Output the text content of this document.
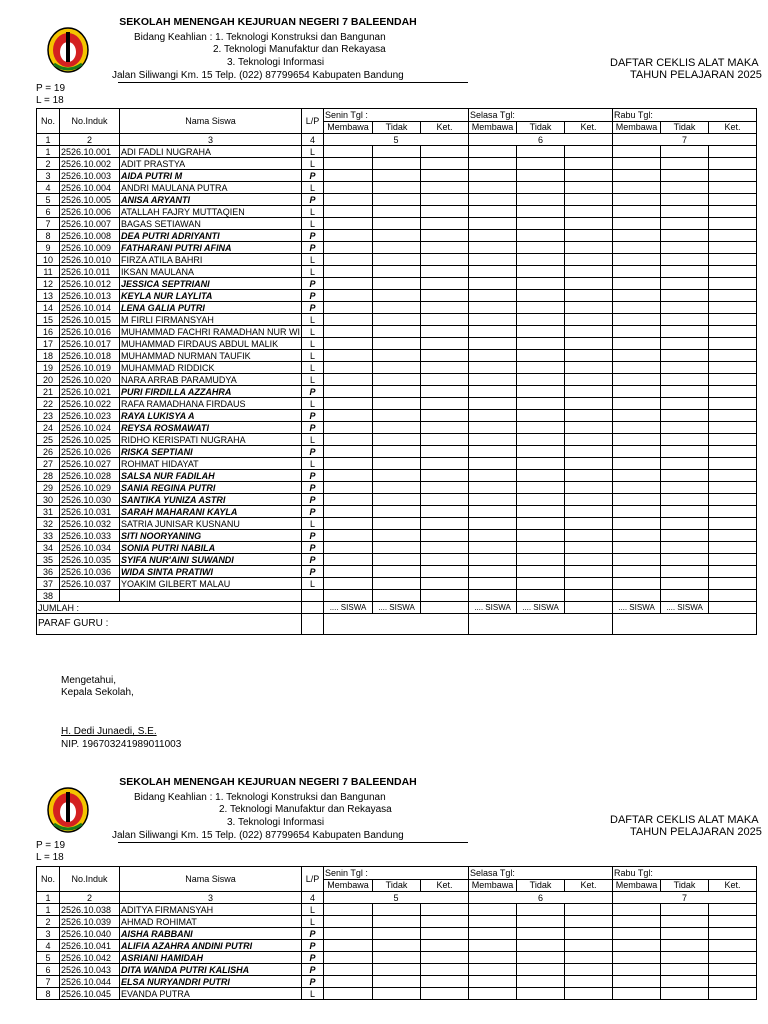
SEKOLAH MENENGAH KEJURUAN NEGERI 7 BALEENDAH
Bidang Keahlian : 1. Teknologi Konstruksi dan Bangunan
2. Teknologi Manufaktur dan Rekayasa
3. Teknologi Informasi
Jalan Siliwangi Km. 15 Telp. (022) 87799654 Kabupaten Bandung
DAFTAR CEKLIS ALAT MAKA
TAHUN PELAJARAN 2025
P = 19
L = 18
No.	No.Induk	Nama Siswa	L/P	Senin Tgl :			Selasa Tgl:			Rabu Tgl:		
				Membawa	Tidak	Ket.	Membawa	Tidak	Ket.	Membawa	Tidak	Ket.
1	2	3	4	5			6			7		
1	2526.10.001	ADI FADLI NUGRAHA	L									
2	2526.10.002	ADIT PRASTYA	L									
3	2526.10.003	AIDA PUTRI M	P									
4	2526.10.004	ANDRI MAULANA PUTRA	L									
5	2526.10.005	ANISA ARYANTI	P									
6	2526.10.006	ATALLAH FAJRY MUTTAQIEN	L									
7	2526.10.007	BAGAS SETIAWAN	L									
8	2526.10.008	DEA PUTRI ADRIYANTI	P									
9	2526.10.009	FATHARANI PUTRI AFINA	P									
10	2526.10.010	FIRZA ATILA BAHRI	L									
11	2526.10.011	IKSAN MAULANA	L									
12	2526.10.012	JESSICA SEPTRIANI	P									
13	2526.10.013	KEYLA NUR LAYLITA	P									
14	2526.10.014	LENA GALIA PUTRI	P									
15	2526.10.015	M FIRLI FIRMANSYAH	L									
16	2526.10.016	MUHAMMAD FACHRI RAMADHAN NUR WI	L									
17	2526.10.017	MUHAMMAD FIRDAUS ABDUL MALIK	L									
18	2526.10.018	MUHAMMAD NURMAN TAUFIK	L									
19	2526.10.019	MUHAMMAD RIDDICK	L									
20	2526.10.020	NARA ARRAB PARAMUDYA	L									
21	2526.10.021	PURI FIRDILLA AZZAHRA	P									
22	2526.10.022	RAFA RAMADHANA FIRDAUS	L									
23	2526.10.023	RAYA LUKISYA A	P									
24	2526.10.024	REYSA ROSMAWATI	P									
25	2526.10.025	RIDHO KERISPATI NUGRAHA	L									
26	2526.10.026	RISKA SEPTIANI	P									
27	2526.10.027	ROHMAT HIDAYAT	L									
28	2526.10.028	SALSA NUR FADILAH	P									
29	2526.10.029	SANIA REGINA PUTRI	P									
30	2526.10.030	SANTIKA YUNIZA ASTRI	P									
31	2526.10.031	SARAH MAHARANI KAYLA	P									
32	2526.10.032	SATRIA JUNISAR KUSNANU	L									
33	2526.10.033	SITI NOORYANING	P									
34	2526.10.034	SONIA PUTRI NABILA	P									
35	2526.10.035	SYIFA NUR'AINI SUWANDI	P									
36	2526.10.036	WIDA SINTA PRATIWI	P									
37	2526.10.037	YOAKIM GILBERT MALAU	L									
38												
JUMLAH :				.... SISWA	.... SISWA		.... SISWA	.... SISWA		.... SISWA	.... SISWA	
PARAF GURU :												
Mengetahui,
Kepala Sekolah,
H. Dedi Junaedi, S.E.
NIP. 196703241989011003
SEKOLAH MENENGAH KEJURUAN NEGERI 7 BALEENDAH
Bidang Keahlian : 1. Teknologi Konstruksi dan Bangunan
2. Teknologi Manufaktur dan Rekayasa
3. Teknologi Informasi
Jalan Siliwangi Km. 15 Telp. (022) 87799654 Kabupaten Bandung
DAFTAR CEKLIS ALAT MAKA
TAHUN PELAJARAN 2025
P = 19
L = 18
No.	No.Induk	Nama Siswa	L/P	Senin Tgl :			Selasa Tgl:			Rabu Tgl:		
				Membawa	Tidak	Ket.	Membawa	Tidak	Ket.	Membawa	Tidak	Ket.
1	2	3	4	5			6			7		
1	2526.10.038	ADITYA FIRMANSYAH	L									
2	2526.10.039	AHMAD ROHIMAT	L									
3	2526.10.040	AISHA RABBANI	P									
4	2526.10.041	ALIFIA AZAHRA ANDINI PUTRI	P									
5	2526.10.042	ASRIANI HAMIDAH	P									
6	2526.10.043	DITA WANDA PUTRI KALISHA	P									
7	2526.10.044	ELSA NURYANDRI PUTRI	P									
8	2526.10.045	EVANDA PUTRA	L									
